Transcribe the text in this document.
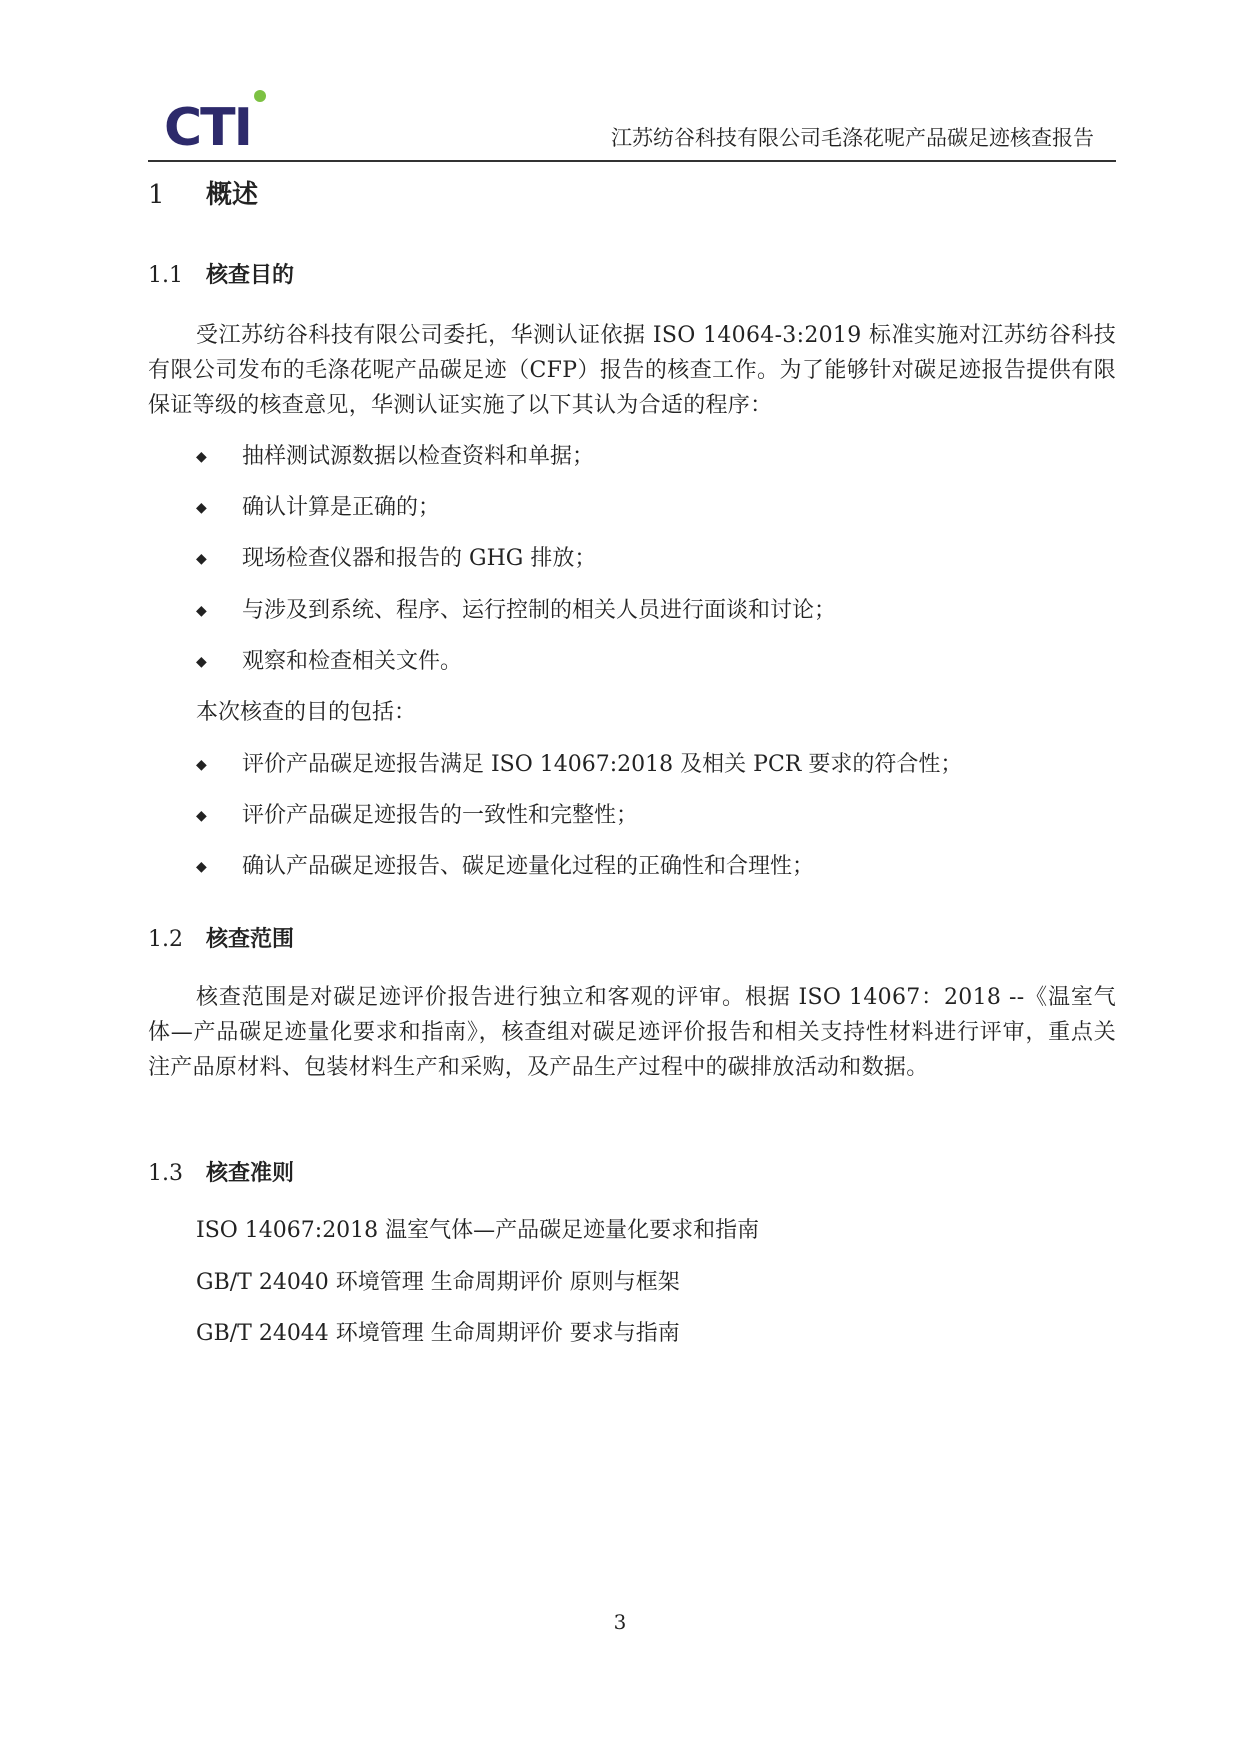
CTI	江苏纺谷科技有限公司毛涤花呢产品碳足迹核查报告
1 概述
1.1 核查目的

受江苏纺谷科技有限公司委托，华测认证依据 ISO 14064-3:2019 标准实施对江苏纺谷科技有限公司发布的毛涤花呢产品碳足迹（CFP）报告的核查工作。为了能够针对碳足迹报告提供有限保证等级的核查意见，华测认证实施了以下其认为合适的程序：

◆ 抽样测试源数据以检查资料和单据；
◆ 确认计算是正确的；
◆ 现场检查仪器和报告的 GHG 排放；
◆ 与涉及到系统、程序、运行控制的相关人员进行面谈和讨论；
◆ 观察和检查相关文件。
本次核查的目的包括：
◆ 评价产品碳足迹报告满足 ISO 14067:2018 及相关 PCR 要求的符合性；
◆ 评价产品碳足迹报告的一致性和完整性；
◆ 确认产品碳足迹报告、碳足迹量化过程的正确性和合理性；
1.2 核查范围

核查范围是对碳足迹评价报告进行独立和客观的评审。根据 ISO 14067：2018 --《温室气体—产品碳足迹量化要求和指南》，核查组对碳足迹评价报告和相关支持性材料进行评审，重点关注产品原材料、包装材料生产和采购，及产品生产过程中的碳排放活动和数据。

1.3 核查准则
ISO 14067:2018 温室气体—产品碳足迹量化要求和指南
GB/T 24040 环境管理 生命周期评价 原则与框架
GB/T 24044 环境管理 生命周期评价 要求与指南
3
